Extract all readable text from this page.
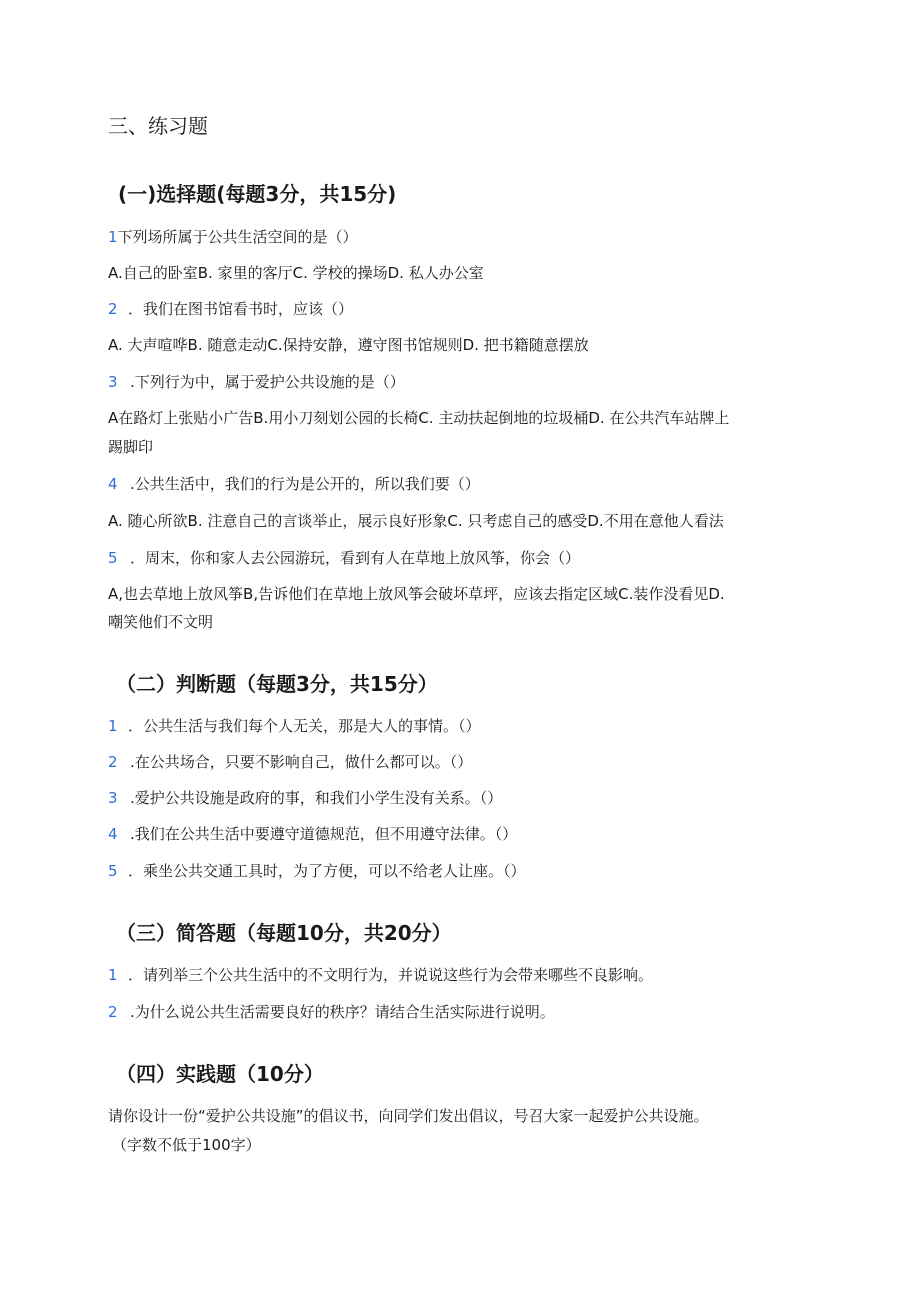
三、练习题
(一)选择题(每题3分，共15分)
1下列场所属于公共生活空间的是（）
A.自己的卧室B. 家里的客厅C. 学校的操场D. 私人办公室
2 ．我们在图书馆看书时，应该（）
A. 大声喧哗B. 随意走动C.保持安静，遵守图书馆规则D. 把书籍随意摆放
3 .下列行为中，属于爱护公共设施的是（）
A在路灯上张贴小广告B.用小刀刻划公园的长椅C. 主动扶起倒地的垃圾桶D. 在公共汽车站牌上
踢脚印
4 .公共生活中，我们的行为是公开的，所以我们要（）
A. 随心所欲B. 注意自己的言谈举止，展示良好形象C. 只考虑自己的感受D.不用在意他人看法
5 ．周末，你和家人去公园游玩，看到有人在草地上放风筝，你会（）
A,也去草地上放风筝B,告诉他们在草地上放风筝会破坏草坪，应该去指定区域C.装作没看见D.
嘲笑他们不文明
（二）判断题（每题3分，共15分）
1 ．公共生活与我们每个人无关，那是大人的事情。（）
2 .在公共场合，只要不影响自己，做什么都可以。（）
3 .爱护公共设施是政府的事，和我们小学生没有关系。（）
4 .我们在公共生活中要遵守道德规范，但不用遵守法律。（）
5 ．乘坐公共交通工具时，为了方便，可以不给老人让座。（）
（三）简答题（每题10分，共20分）
1 ．请列举三个公共生活中的不文明行为，并说说这些行为会带来哪些不良影响。
2 .为什么说公共生活需要良好的秩序？请结合生活实际进行说明。
（四）实践题（10分）
请你设计一份“爱护公共设施”的倡议书，向同学们发出倡议，号召大家一起爱护公共设施。
（字数不低于100字）
